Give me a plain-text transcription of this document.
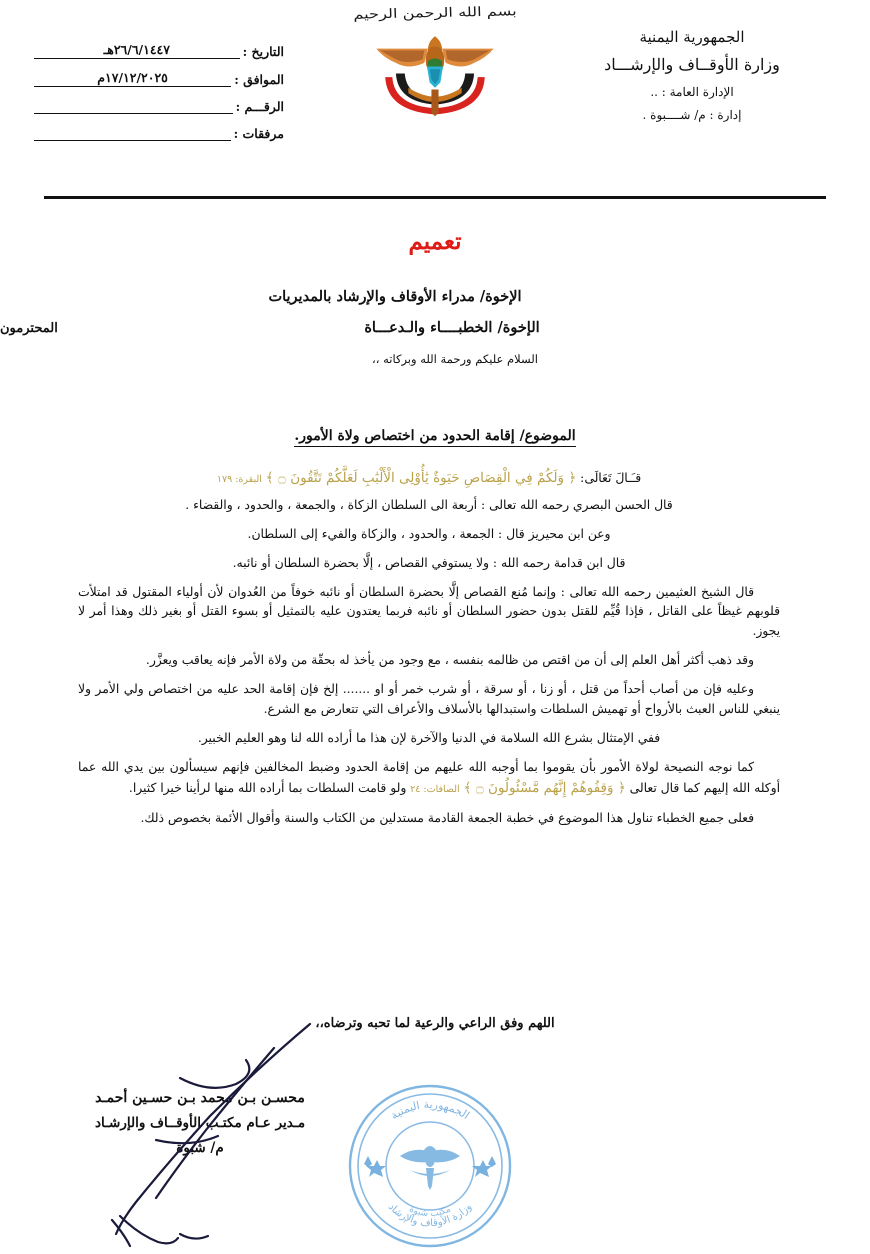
بسم الله الرحمن الرحيم
الجمهورية اليمنية
وزارة الأوقــاف والإرشـــاد
الإدارة العامة : ..
إدارة : م/ شــــبوة .
التاريخ :
٢٦/٦/١٤٤٧هـ
الموافق :
١٧/١٢/٢٠٢٥م
الرقـــم :
مرفقات :
تعميم
الإخوة/ مدراء الأوقاف والإرشاد بالمديريات
الإخوة/ الخطبــــاء والـدعـــاة
المحترمون
السلام عليكم ورحمة الله وبركاته ،،
الموضوع/ إقامة الحدود من اختصاص ولاة الأمور.

قـَـالَ تَعَالَى: ﴿ وَلَكُمْ فِي الْقِصَاصِ حَيَوةٌ يَٰأُوْلِى الْأَلْبَٰبِ لَعَلَّكُمْ تَتَّقُونَ ۝ ﴾ البقرة: ١٧٩

قال الحسن البصري رحمه الله تعالى : أربعة الى السلطان الزكاة ، والجمعة ، والحدود ، والقضاء .

وعن ابن محيريز قال : الجمعة ، والحدود ، والزكاة والفيء إلى السلطان.

قال ابن قدامة رحمه الله : ولا يستوفي القصاص ، إلَّا بحضرة السلطان أو نائبه.

قال الشيخ العثيمين رحمه الله تعالى : وإنما مُنع القصاص إلَّا بحضرة السلطان أو نائبه خوفاً من العُدوان لأن أولياء المقتول قد امتلأت قلوبهم غيظاً على القاتل ، فإذا قُيِّم للقتل بدون حضور السلطان أو نائبه فربما يعتدون عليه بالتمثيل أو بسوء القتل أو بغير ذلك وهذا أمر لا يجوز.

وقد ذهب أكثر أهل العلم إلى أن من اقتص من ظالمه بنفسه ، مع وجود من يأخذ له بحقّة من ولاة الأمر فإنه يعاقب ويعزَّر.

وعليه فإن من أصاب أحداً من قتل ، أو زنا ، أو سرقة ، أو شرب خمر أو او ....... إلخ فإن إقامة الحد عليه من اختصاص ولي الأمر ولا ينبغي للناس العبث بالأرواح أو تهميش السلطات واستبدالها بالأسلاف والأعراف التي تتعارض مع الشرع.

ففي الإمتثال بشرع الله السلامة في الدنيا والآخرة لإن هذا ما أراده الله لنا وهو العليم الخبير.

كما نوجه النصيحة لولاة الأمور بأن يقوموا بما أوجبه الله عليهم من إقامة الحدود وضبط المخالفين فإنهم سيسألون بين يدي الله عما أوكله الله إليهم كما قال تعالى ﴿ وَقِفُوهُمْ إِنَّهُم مَّسْئُولُونَ ۝ ﴾ الصافات: ٢٤ ولو قامت السلطات بما أراده الله منها لرأينا خيرا كثيرا.

فعلى جميع الخطباء تناول هذا الموضوع في خطبة الجمعة القادمة مستدلين من الكتاب والسنة وأقوال الأئمة بخصوص ذلك.

اللهم وفق الراعي والرعية لما تحبه وترضاه،،
محسـن بـن محمد بـن حسـين أحمـد
مـدير عـام مكتـب الأوقــاف والإرشـاد
م/ شبوة
الجمهورية اليمنية
وزارة الأوقاف والإرشاد
مكتب شبوة
